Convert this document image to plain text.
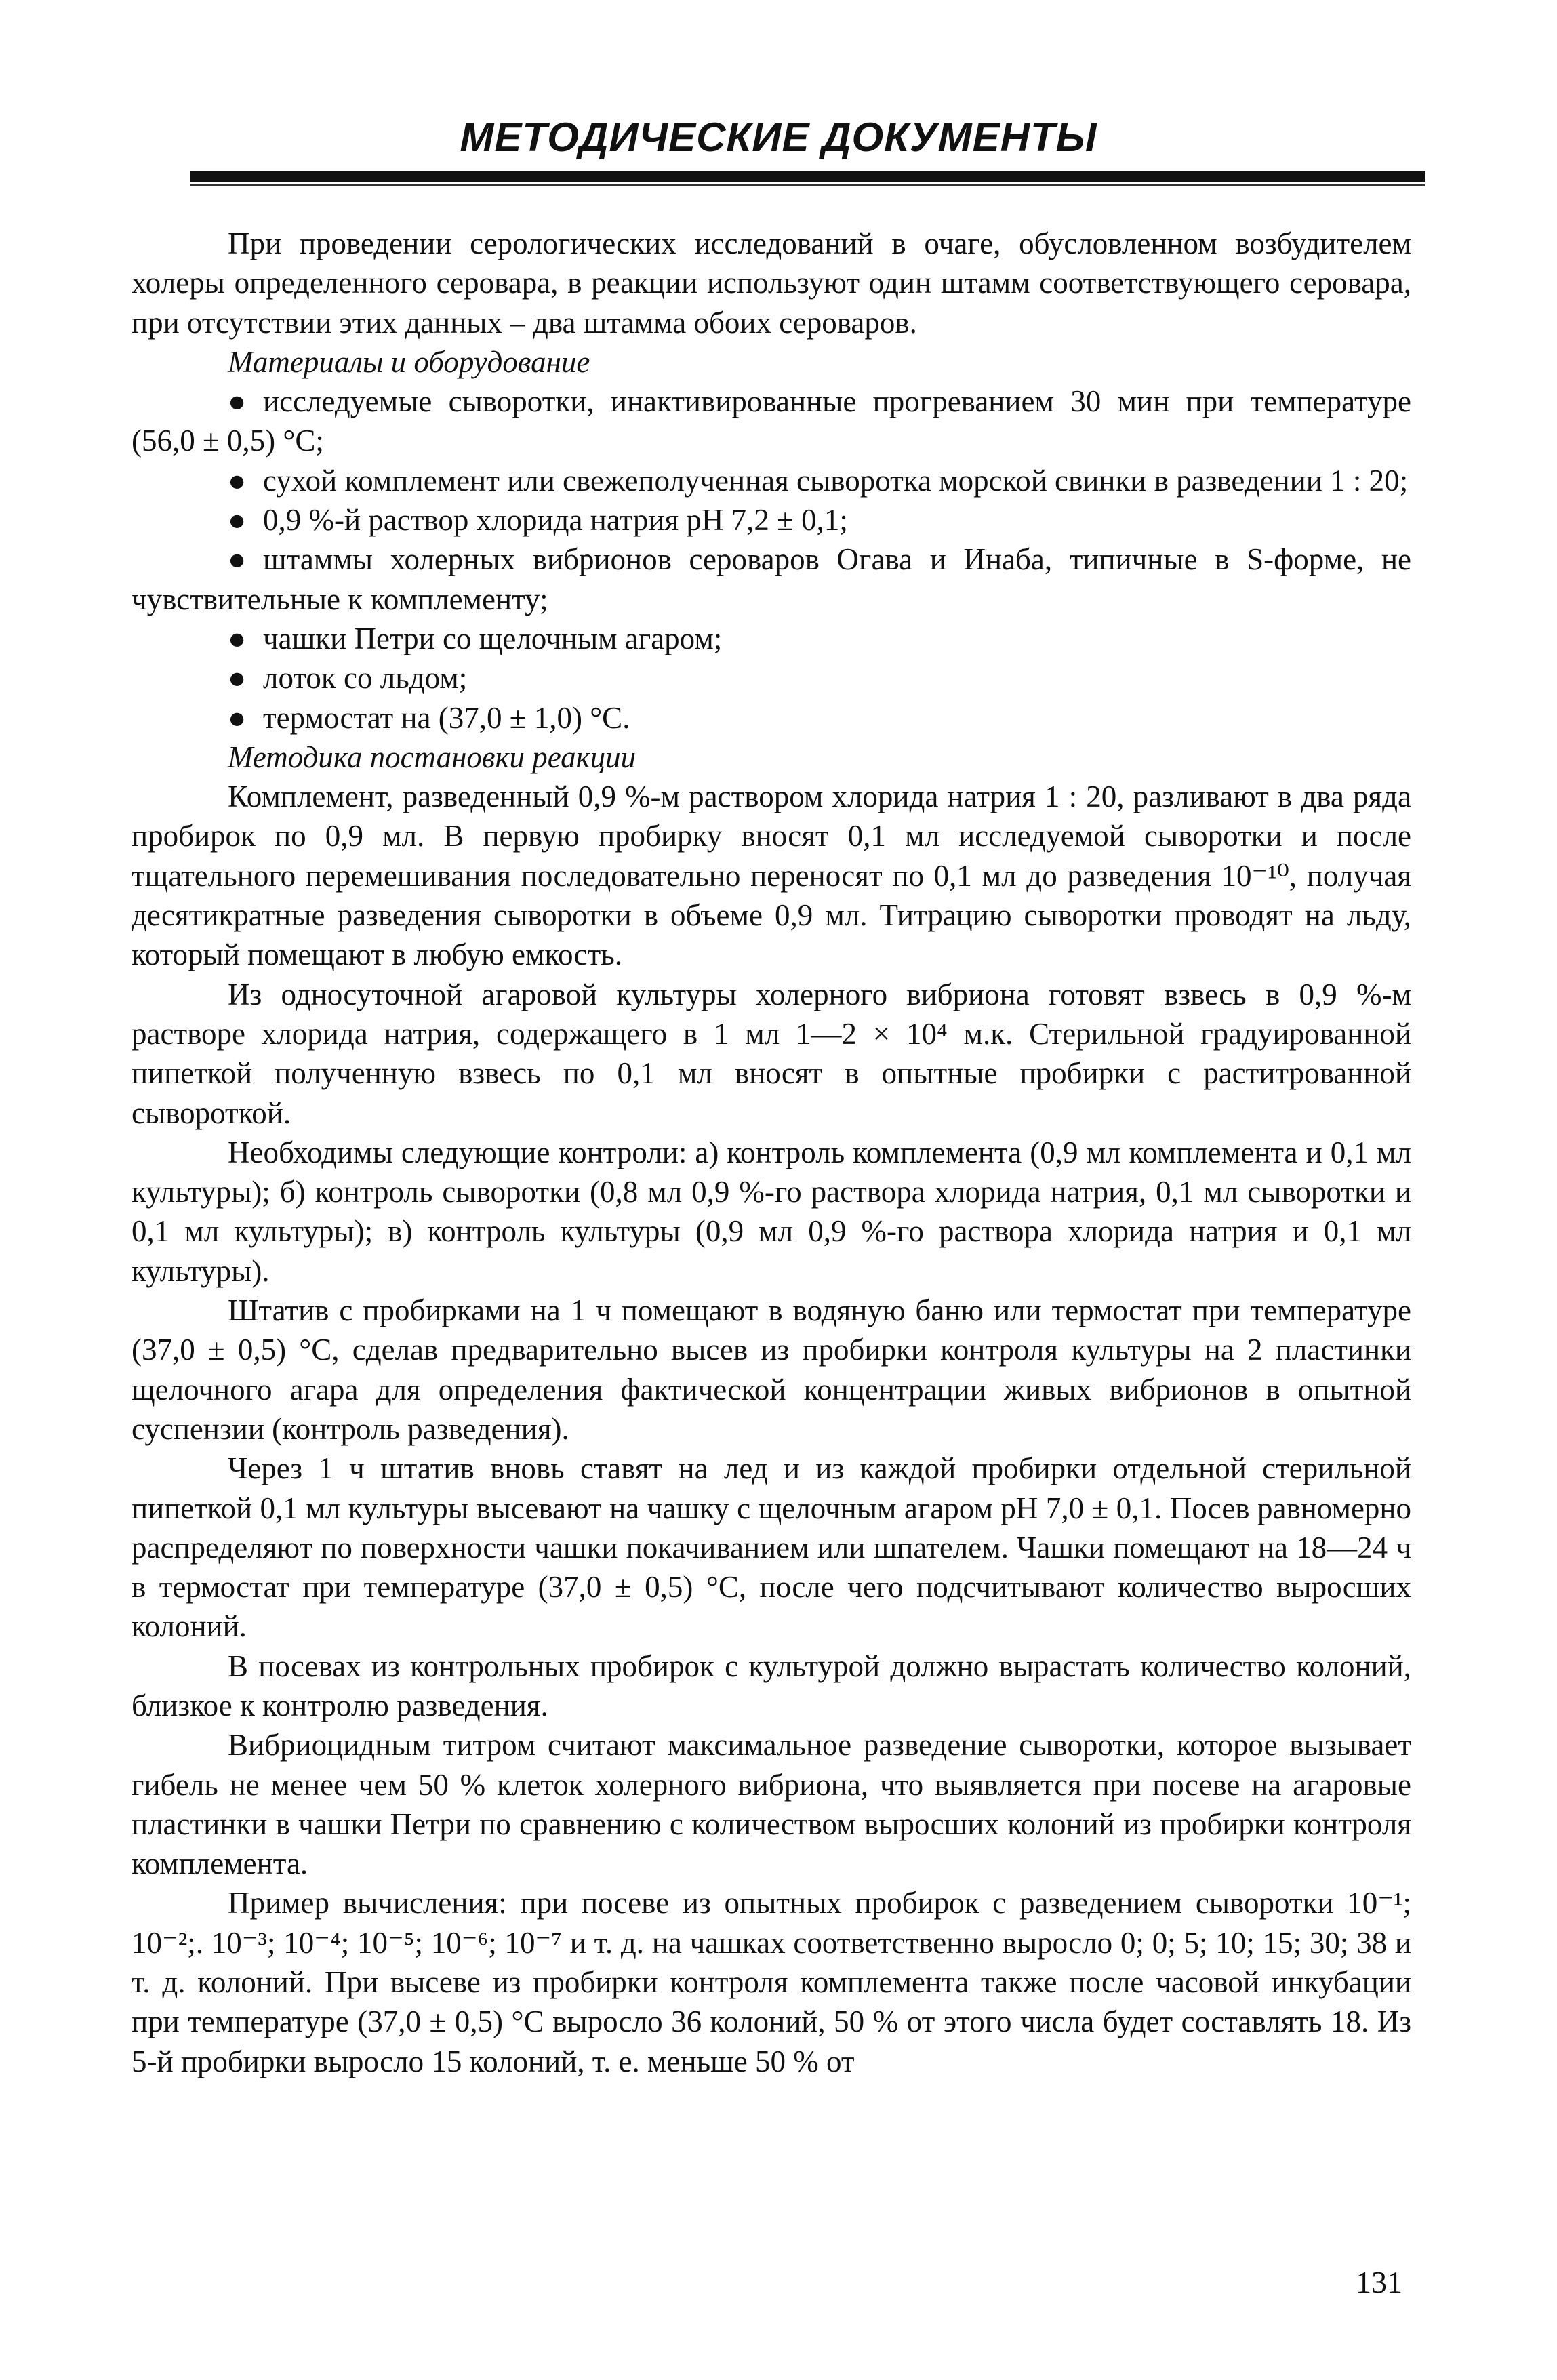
МЕТОДИЧЕСКИЕ ДОКУМЕНТЫ

При проведении серологических исследований в очаге, обусловленном возбудителем холеры определенного серовара, в реакции используют один штамм соответствующего серовара, при отсутствии этих данных – два штамма обоих сероваров.

Материалы и оборудование

● исследуемые сыворотки, инактивированные прогреванием 30 мин при температуре (56,0 ± 0,5) °С;

● сухой комплемент или свежеполученная сыворотка морской свинки в разведении 1 : 20;

● 0,9 %-й раствор хлорида натрия pH 7,2 ± 0,1;

● штаммы холерных вибрионов сероваров Огава и Инаба, типичные в S-форме, не чувствительные к комплементу;

● чашки Петри со щелочным агаром;

● лоток со льдом;

● термостат на (37,0 ± 1,0) °С.

Методика постановки реакции

Комплемент, разведенный 0,9 %-м раствором хлорида натрия 1 : 20, разливают в два ряда пробирок по 0,9 мл. В первую пробирку вносят 0,1 мл исследуемой сыворотки и после тщательного перемешивания последовательно переносят по 0,1 мл до разведения 10⁻¹⁰, получая десятикратные разведения сыворотки в объеме 0,9 мл. Титрацию сыворотки проводят на льду, который помещают в любую емкость.

Из односуточной агаровой культуры холерного вибриона готовят взвесь в 0,9 %-м растворе хлорида натрия, содержащего в 1 мл 1—2 × 10⁴ м.к. Стерильной градуированной пипеткой полученную взвесь по 0,1 мл вносят в опытные пробирки с раститрованной сывороткой.

Необходимы следующие контроли: а) контроль комплемента (0,9 мл комплемента и 0,1 мл культуры); б) контроль сыворотки (0,8 мл 0,9 %-го раствора хлорида натрия, 0,1 мл сыворотки и 0,1 мл культуры); в) контроль культуры (0,9 мл 0,9 %-го раствора хлорида натрия и 0,1 мл культуры).

Штатив с пробирками на 1 ч помещают в водяную баню или термостат при температуре (37,0 ± 0,5) °С, сделав предварительно высев из пробирки контроля культуры на 2 пластинки щелочного агара для определения фактической концентрации живых вибрионов в опытной суспензии (контроль разведения).

Через 1 ч штатив вновь ставят на лед и из каждой пробирки отдельной стерильной пипеткой 0,1 мл культуры высевают на чашку с щелочным агаром pH 7,0 ± 0,1. Посев равномерно распределяют по поверхности чашки покачиванием или шпателем. Чашки помещают на 18—24 ч в термостат при температуре (37,0 ± 0,5) °С, после чего подсчитывают количество выросших колоний.

В посевах из контрольных пробирок с культурой должно вырастать количество колоний, близкое к контролю разведения.

Вибриоцидным титром считают максимальное разведение сыворотки, которое вызывает гибель не менее чем 50 % клеток холерного вибриона, что выявляется при посеве на агаровые пластинки в чашки Петри по сравнению с количеством выросших колоний из пробирки контроля комплемента.

Пример вычисления: при посеве из опытных пробирок с разведением сыворотки 10⁻¹; 10⁻²;. 10⁻³; 10⁻⁴; 10⁻⁵; 10⁻⁶; 10⁻⁷ и т. д. на чашках соответственно выросло 0; 0; 5; 10; 15; 30; 38 и т. д. колоний. При высеве из пробирки контроля комплемента также после часовой инкубации при температуре (37,0 ± 0,5) °С выросло 36 колоний, 50 % от этого числа будет составлять 18. Из 5-й пробирки выросло 15 колоний, т. е. меньше 50 % от

131
